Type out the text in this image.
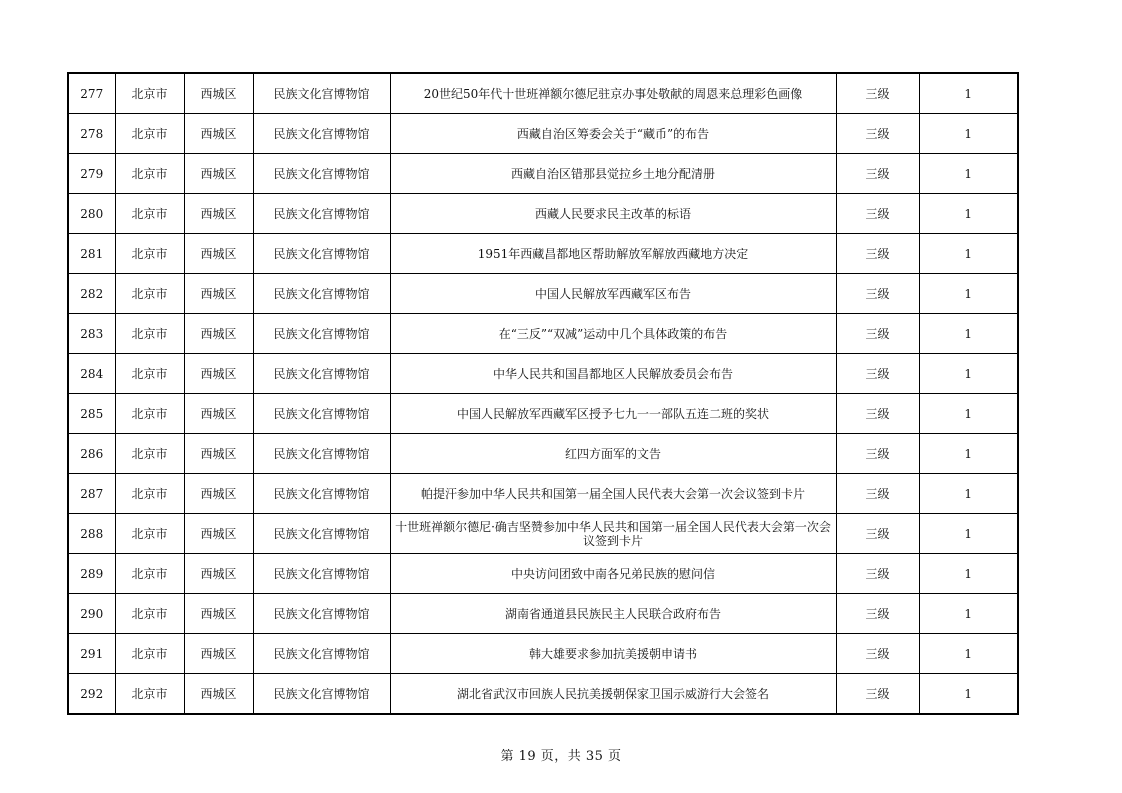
277	北京市	西城区	民族文化宫博物馆	20世纪50年代十世班禅额尔德尼驻京办事处敬献的周恩来总理彩色画像	三级	1
278	北京市	西城区	民族文化宫博物馆	西藏自治区筹委会关于“藏币”的布告	三级	1
279	北京市	西城区	民族文化宫博物馆	西藏自治区错那县觉拉乡土地分配清册	三级	1
280	北京市	西城区	民族文化宫博物馆	西藏人民要求民主改革的标语	三级	1
281	北京市	西城区	民族文化宫博物馆	1951年西藏昌都地区帮助解放军解放西藏地方决定	三级	1
282	北京市	西城区	民族文化宫博物馆	中国人民解放军西藏军区布告	三级	1
283	北京市	西城区	民族文化宫博物馆	在“三反”“双减”运动中几个具体政策的布告	三级	1
284	北京市	西城区	民族文化宫博物馆	中华人民共和国昌都地区人民解放委员会布告	三级	1
285	北京市	西城区	民族文化宫博物馆	中国人民解放军西藏军区授予七九一一部队五连二班的奖状	三级	1
286	北京市	西城区	民族文化宫博物馆	红四方面军的文告	三级	1
287	北京市	西城区	民族文化宫博物馆	帕提汗参加中华人民共和国第一届全国人民代表大会第一次会议签到卡片	三级	1
288	北京市	西城区	民族文化宫博物馆	十世班禅额尔德尼·确吉坚赞参加中华人民共和国第一届全国人民代表大会第一次会议签到卡片	三级	1
289	北京市	西城区	民族文化宫博物馆	中央访问团致中南各兄弟民族的慰问信	三级	1
290	北京市	西城区	民族文化宫博物馆	湖南省通道县民族民主人民联合政府布告	三级	1
291	北京市	西城区	民族文化宫博物馆	韩大雄要求参加抗美援朝申请书	三级	1
292	北京市	西城区	民族文化宫博物馆	湖北省武汉市回族人民抗美援朝保家卫国示威游行大会签名	三级	1
第 19 页，共 35 页
